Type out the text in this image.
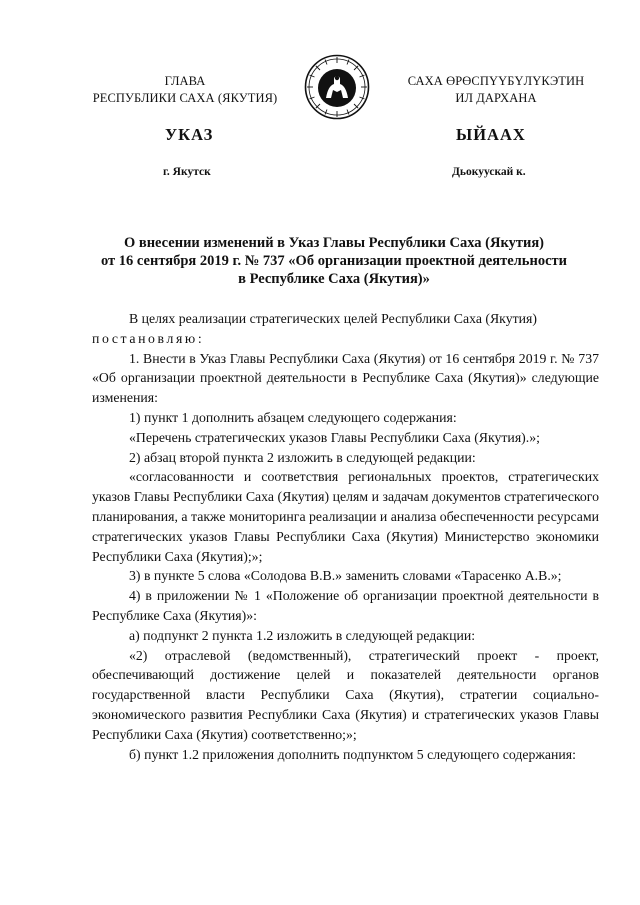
ГЛАВА
РЕСПУБЛИКИ САХА (ЯКУТИЯ)
САХА ӨРӨСПҮҮБҮЛҮКЭТИН
ИЛ ДАРХАНА
УКАЗ	ЫЙААХ
г. Якутск	Дьокуускай к.
О внесении изменений в Указ Главы Республики Саха (Якутия)
от 16 сентября 2019 г. № 737 «Об организации проектной деятельности
в Республике Саха (Якутия)»

В целях реализации стратегических целей Республики Саха (Якутия)

постановляю:

1. Внести в Указ Главы Республики Саха (Якутия) от 16 сентября 2019 г. № 737 «Об организации проектной деятельности в Республике Саха (Якутия)» следующие изменения:

1) пункт 1 дополнить абзацем следующего содержания:

«Перечень стратегических указов Главы Республики Саха (Якутия).»;

2) абзац второй пункта 2 изложить в следующей редакции:

«согласованности и соответствия региональных проектов, стратегических указов Главы Республики Саха (Якутия) целям и задачам документов стратегического планирования, а также мониторинга реализации и анализа обеспеченности ресурсами стратегических указов Главы Республики Саха (Якутия) Министерство экономики Республики Саха (Якутия);»;

3) в пункте 5 слова «Солодова В.В.» заменить словами «Тарасенко А.В.»;

4) в приложении № 1 «Положение об организации проектной деятельности в Республике Саха (Якутия)»:

а) подпункт 2 пункта 1.2 изложить в следующей редакции:

«2) отраслевой (ведомственный), стратегический проект - проект, обеспечивающий достижение целей и показателей деятельности органов государственной власти Республики Саха (Якутия), стратегии социально-экономического развития Республики Саха (Якутия) и стратегических указов Главы Республики Саха (Якутия) соответственно;»;

б) пункт 1.2 приложения дополнить подпунктом 5 следующего содержания:
